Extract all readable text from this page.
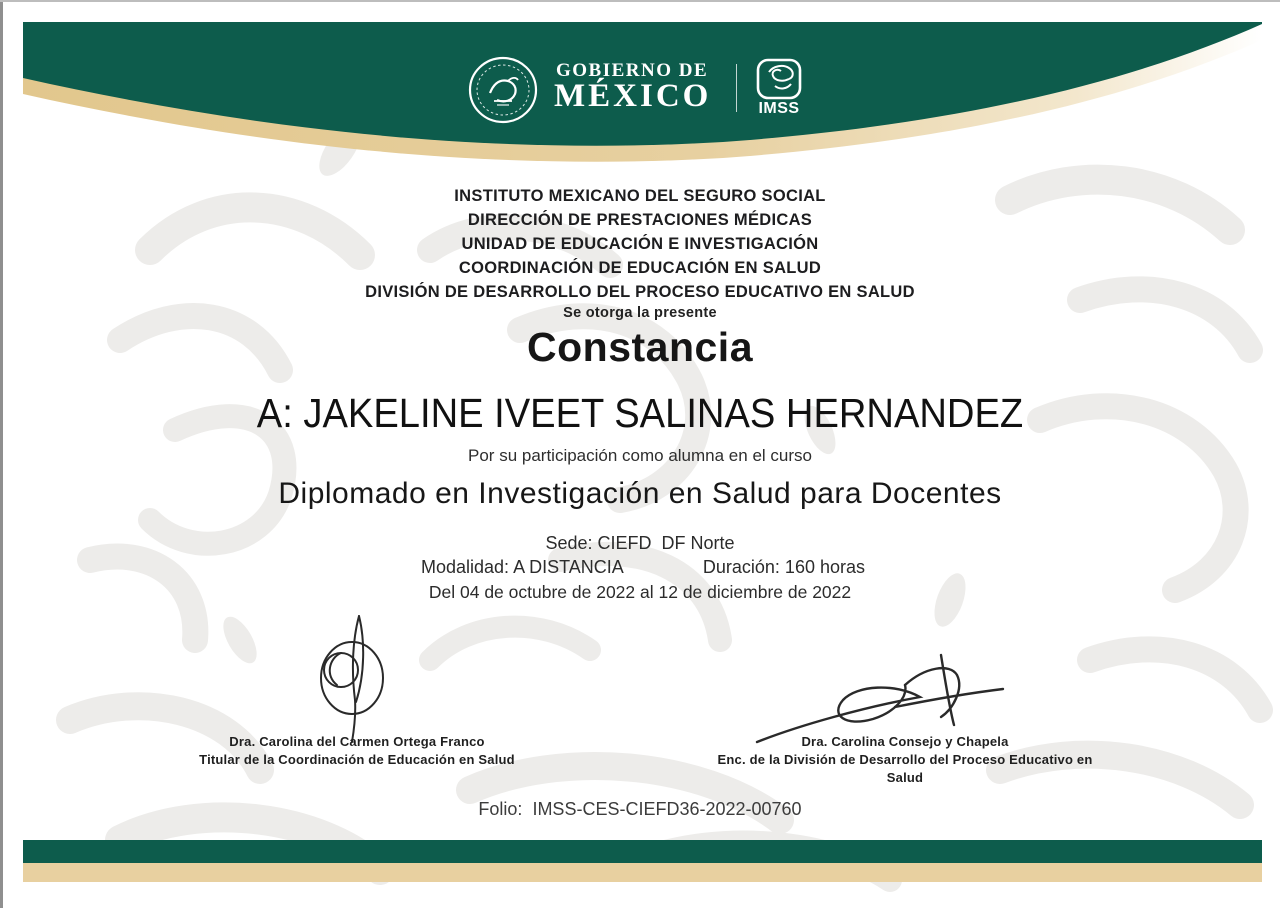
GOBIERNO DE
MÉXICO	IMSS
INSTITUTO MEXICANO DEL SEGURO SOCIAL
DIRECCIÓN DE PRESTACIONES MÉDICAS
UNIDAD DE EDUCACIÓN E INVESTIGACIÓN
COORDINACIÓN DE EDUCACIÓN EN SALUD
DIVISIÓN DE DESARROLLO DEL PROCESO EDUCATIVO EN SALUD
Se otorga la presente
Constancia
A: JAKELINE IVEET SALINAS HERNANDEZ
Por su participación como alumna en el curso
Diplomado en Investigación en Salud para Docentes
Sede: CIEFD  DF Norte
Modalidad: A DISTANCIA	Duración: 160 horas
Del 04 de octubre de 2022 al 12 de diciembre de 2022
Dra. Carolina del Carmen Ortega Franco
Titular de la Coordinación de Educación en Salud
Dra. Carolina Consejo y Chapela
Enc. de la División de Desarrollo del Proceso Educativo en Salud
Folio: IMSS-CES-CIEFD36-2022-00760
